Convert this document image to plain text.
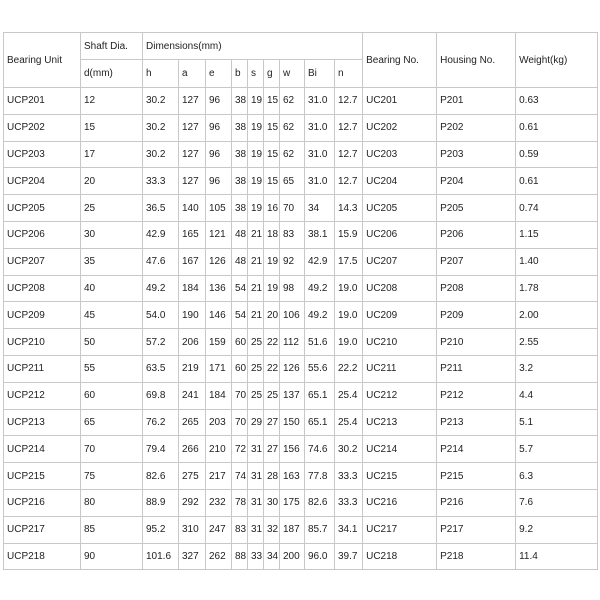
Bearing Unit	Shaft Dia.	Dimensions(mm)									Bearing No.	Housing No.	Weight(kg)
	d(mm)	h	a	e	b	s	g	w	Bi	n			
UCP201	12	30.2	127	96	38	19	15	62	31.0	12.7	UC201	P201	0.63
UCP202	15	30.2	127	96	38	19	15	62	31.0	12.7	UC202	P202	0.61
UCP203	17	30.2	127	96	38	19	15	62	31.0	12.7	UC203	P203	0.59
UCP204	20	33.3	127	96	38	19	15	65	31.0	12.7	UC204	P204	0.61
UCP205	25	36.5	140	105	38	19	16	70	34	14.3	UC205	P205	0.74
UCP206	30	42.9	165	121	48	21	18	83	38.1	15.9	UC206	P206	1.15
UCP207	35	47.6	167	126	48	21	19	92	42.9	17.5	UC207	P207	1.40
UCP208	40	49.2	184	136	54	21	19	98	49.2	19.0	UC208	P208	1.78
UCP209	45	54.0	190	146	54	21	20	106	49.2	19.0	UC209	P209	2.00
UCP210	50	57.2	206	159	60	25	22	112	51.6	19.0	UC210	P210	2.55
UCP211	55	63.5	219	171	60	25	22	126	55.6	22.2	UC211	P211	3.2
UCP212	60	69.8	241	184	70	25	25	137	65.1	25.4	UC212	P212	4.4
UCP213	65	76.2	265	203	70	29	27	150	65.1	25.4	UC213	P213	5.1
UCP214	70	79.4	266	210	72	31	27	156	74.6	30.2	UC214	P214	5.7
UCP215	75	82.6	275	217	74	31	28	163	77.8	33.3	UC215	P215	6.3
UCP216	80	88.9	292	232	78	31	30	175	82.6	33.3	UC216	P216	7.6
UCP217	85	95.2	310	247	83	31	32	187	85.7	34.1	UC217	P217	9.2
UCP218	90	101.6	327	262	88	33	34	200	96.0	39.7	UC218	P218	11.4
